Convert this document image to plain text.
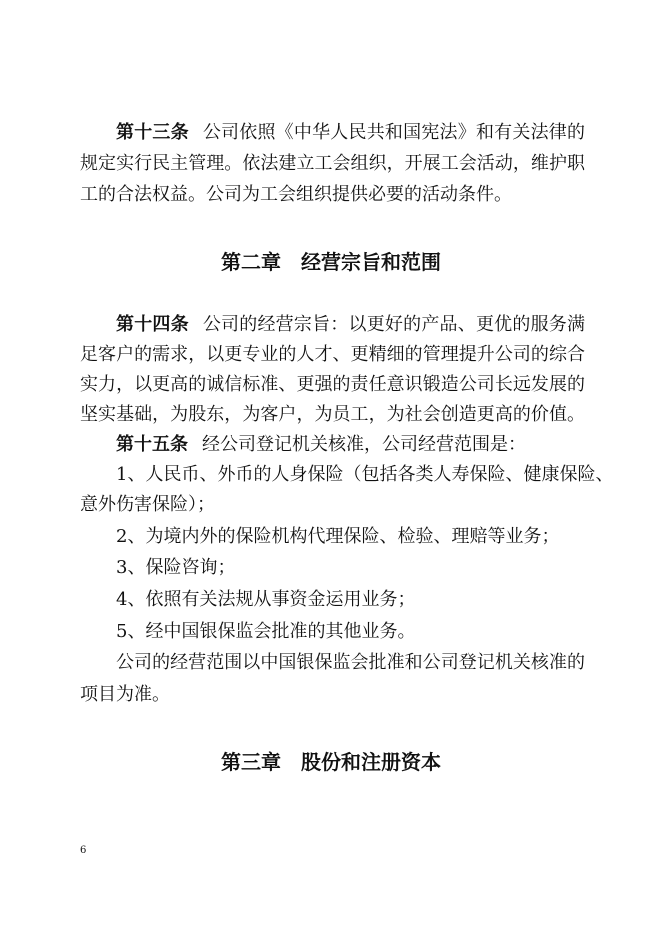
第十三条 公司依照《中华人民共和国宪法》和有关法律的
规定实行民主管理。依法建立工会组织，开展工会活动，维护职
工的合法权益。公司为工会组织提供必要的活动条件。
第二章　经营宗旨和范围
第十四条 公司的经营宗旨：以更好的产品、更优的服务满
足客户的需求，以更专业的人才、更精细的管理提升公司的综合
实力，以更高的诚信标准、更强的责任意识锻造公司长远发展的
坚实基础，为股东，为客户，为员工，为社会创造更高的价值。
第十五条 经公司登记机关核准，公司经营范围是：
1、人民币、外币的人身保险（包括各类人寿保险、健康保险、
意外伤害保险）；
2、为境内外的保险机构代理保险、检验、理赔等业务；
3、保险咨询；
4、依照有关法规从事资金运用业务；
5、经中国银保监会批准的其他业务。
公司的经营范围以中国银保监会批准和公司登记机关核准的
项目为准。
第三章　股份和注册资本
6
